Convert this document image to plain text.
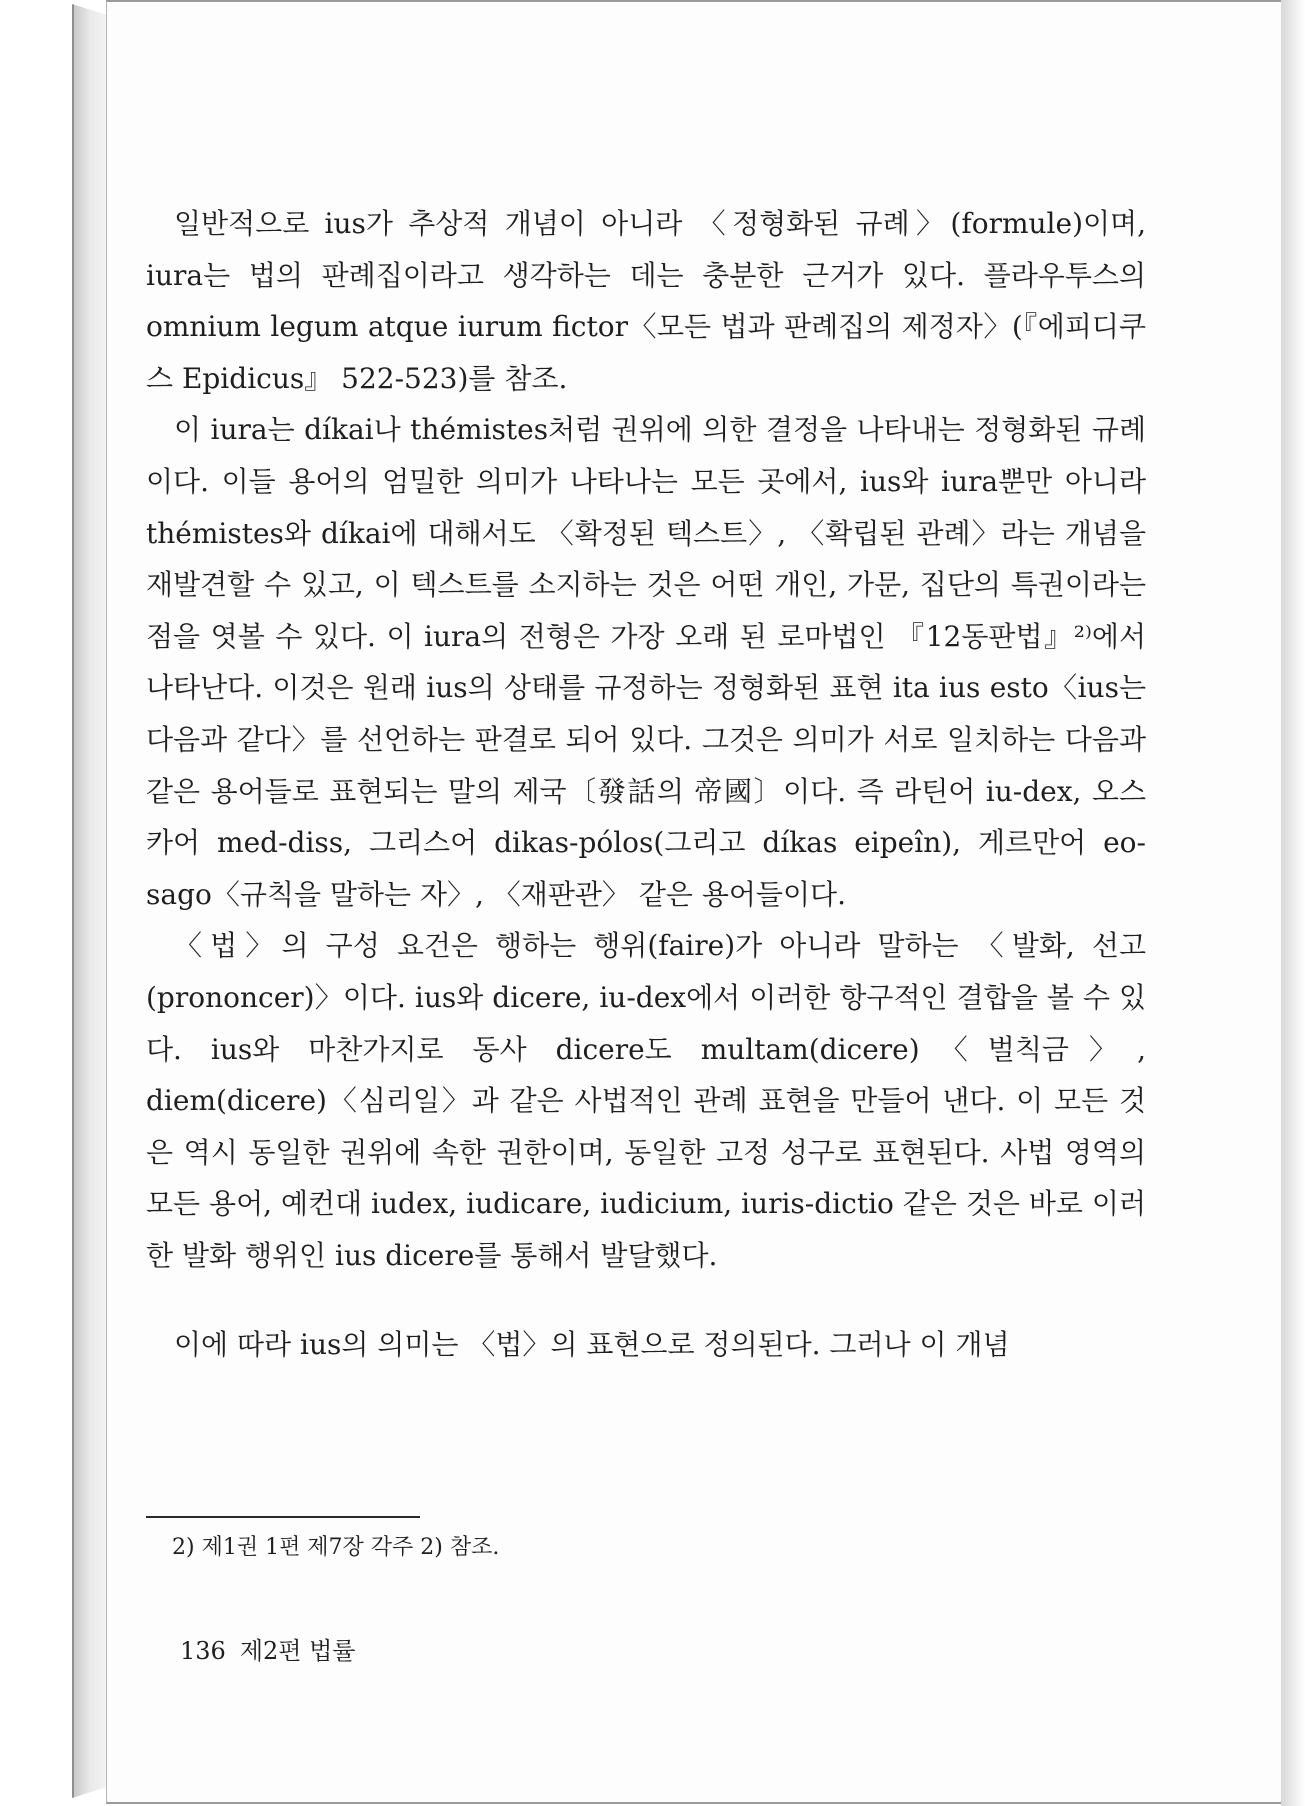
일반적으로 ius가 추상적 개념이 아니라 〈정형화된 규례〉(formule)이며, iura는 법의 판례집이라고 생각하는 데는 충분한 근거가 있다. 플라우투스의 omnium legum atque iurum fictor〈모든 법과 판례집의 제정자〉(『에피디쿠스 Epidicus』 522-523)를 참조.

이 iura는 díkai나 thémistes처럼 권위에 의한 결정을 나타내는 정형화된 규례이다. 이들 용어의 엄밀한 의미가 나타나는 모든 곳에서, ius와 iura뿐만 아니라 thémistes와 díkai에 대해서도 〈확정된 텍스트〉, 〈확립된 관례〉라는 개념을 재발견할 수 있고, 이 텍스트를 소지하는 것은 어떤 개인, 가문, 집단의 특권이라는 점을 엿볼 수 있다. 이 iura의 전형은 가장 오래 된 로마법인 『12동판법』²⁾에서 나타난다. 이것은 원래 ius의 상태를 규정하는 정형화된 표현 ita ius esto〈ius는 다음과 같다〉를 선언하는 판결로 되어 있다. 그것은 의미가 서로 일치하는 다음과 같은 용어들로 표현되는 말의 제국〔發話의 帝國〕이다. 즉 라틴어 iu-dex, 오스카어 med-diss, 그리스어 dikas-pólos(그리고 díkas eipeîn), 게르만어 eo-sago〈규칙을 말하는 자〉, 〈재판관〉 같은 용어들이다.

〈법〉의 구성 요건은 행하는 행위(faire)가 아니라 말하는 〈발화, 선고(prononcer)〉이다. ius와 dicere, iu-dex에서 이러한 항구적인 결합을 볼 수 있다. ius와 마찬가지로 동사 dicere도 multam(dicere)〈벌칙금〉, diem(dicere)〈심리일〉과 같은 사법적인 관례 표현을 만들어 낸다. 이 모든 것은 역시 동일한 권위에 속한 권한이며, 동일한 고정 성구로 표현된다. 사법 영역의 모든 용어, 예컨대 iudex, iudicare, iudicium, iuris-dictio 같은 것은 바로 이러한 발화 행위인 ius dicere를 통해서 발달했다.

이에 따라 ius의 의미는 〈법〉의 표현으로 정의된다. 그러나 이 개념

2) 제1권 1편 제7장 각주 2) 참조.
136 제2편 법률
